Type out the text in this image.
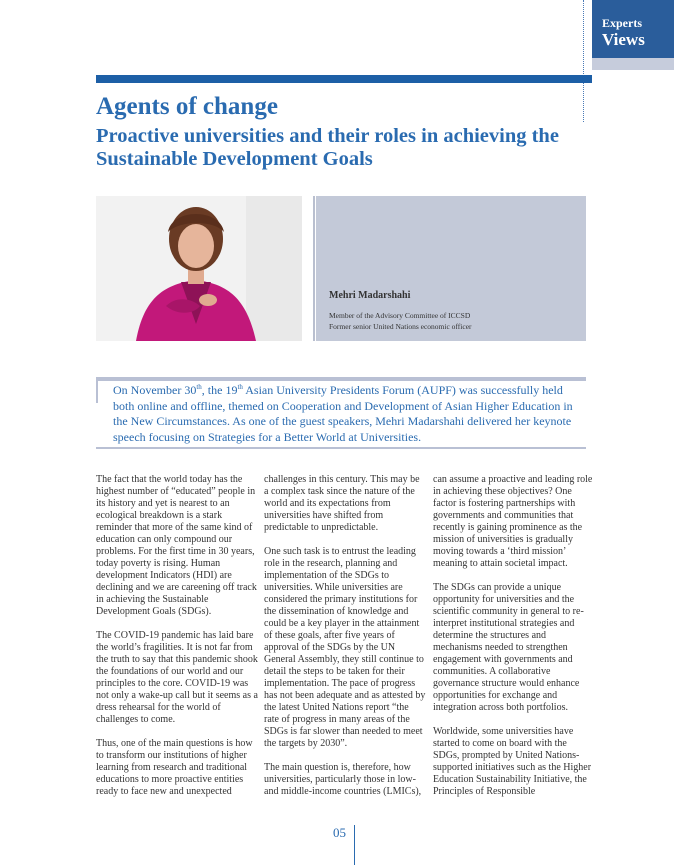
Experts
Views
Agents of change
Proactive universities and their roles in achieving the Sustainable Development Goals
Mehri Madarshahi
Member of the Advisory Committee of ICCSD
Former senior United Nations economic officer

On November 30th, the 19th Asian University Presidents Forum (AUPF) was successfully held both online and offline, themed on Cooperation and Development of Asian Higher Education in the New Circumstances. As one of the guest speakers, Mehri Madarshahi delivered her keynote speech focusing on Strategies for a Better World at Universities.

The fact that the world today has the highest number of “educated” people in its history and yet is nearest to an ecological breakdown is a stark reminder that more of the same kind of education can only compound our problems. For the first time in 30 years, today poverty is rising. Human development Indicators (HDI) are declining and we are careening off track in achieving the Sustainable Development Goals (SDGs).

The COVID-19 pandemic has laid bare the world’s fragilities. It is not far from the truth to say that this pandemic shook the foundations of our world and our principles to the core. COVID-19 was not only a wake-up call but it seems as a dress rehearsal for the world of challenges to come.

Thus, one of the main questions is how to transform our institutions of higher learning from research and traditional educations to more proactive entities ready to face new and unexpected

challenges in this century. This may be a complex task since the nature of the world and its expectations from universities have shifted from predictable to unpredictable.

One such task is to entrust the leading role in the research, planning and implementation of the SDGs to universities. While universities are considered the primary institutions for the dissemination of knowledge and could be a key player in the attainment of these goals, after five years of approval of the SDGs by the UN General Assembly, they still continue to detail the steps to be taken for their implementation. The pace of progress has not been adequate and as attested by the latest United Nations report “the rate of progress in many areas of the SDGs is far slower than needed to meet the targets by 2030”.

The main question is, therefore, how universities, particularly those in low- and middle-income countries (LMICs),

can assume a proactive and leading role in achieving these objectives? One factor is fostering partnerships with governments and communities that recently is gaining prominence as the mission of universities is gradually moving towards a ‘third mission’ meaning to attain societal impact.

The SDGs can provide a unique opportunity for universities and the scientific community in general to re-interpret institutional strategies and determine the structures and mechanisms needed to strengthen engagement with governments and communities. A collaborative governance structure would enhance opportunities for exchange and integration across both portfolios.

Worldwide, some universities have started to come on board with the SDGs, prompted by United Nations-supported initiatives such as the Higher Education Sustainability Initiative, the Principles of Responsible

05
